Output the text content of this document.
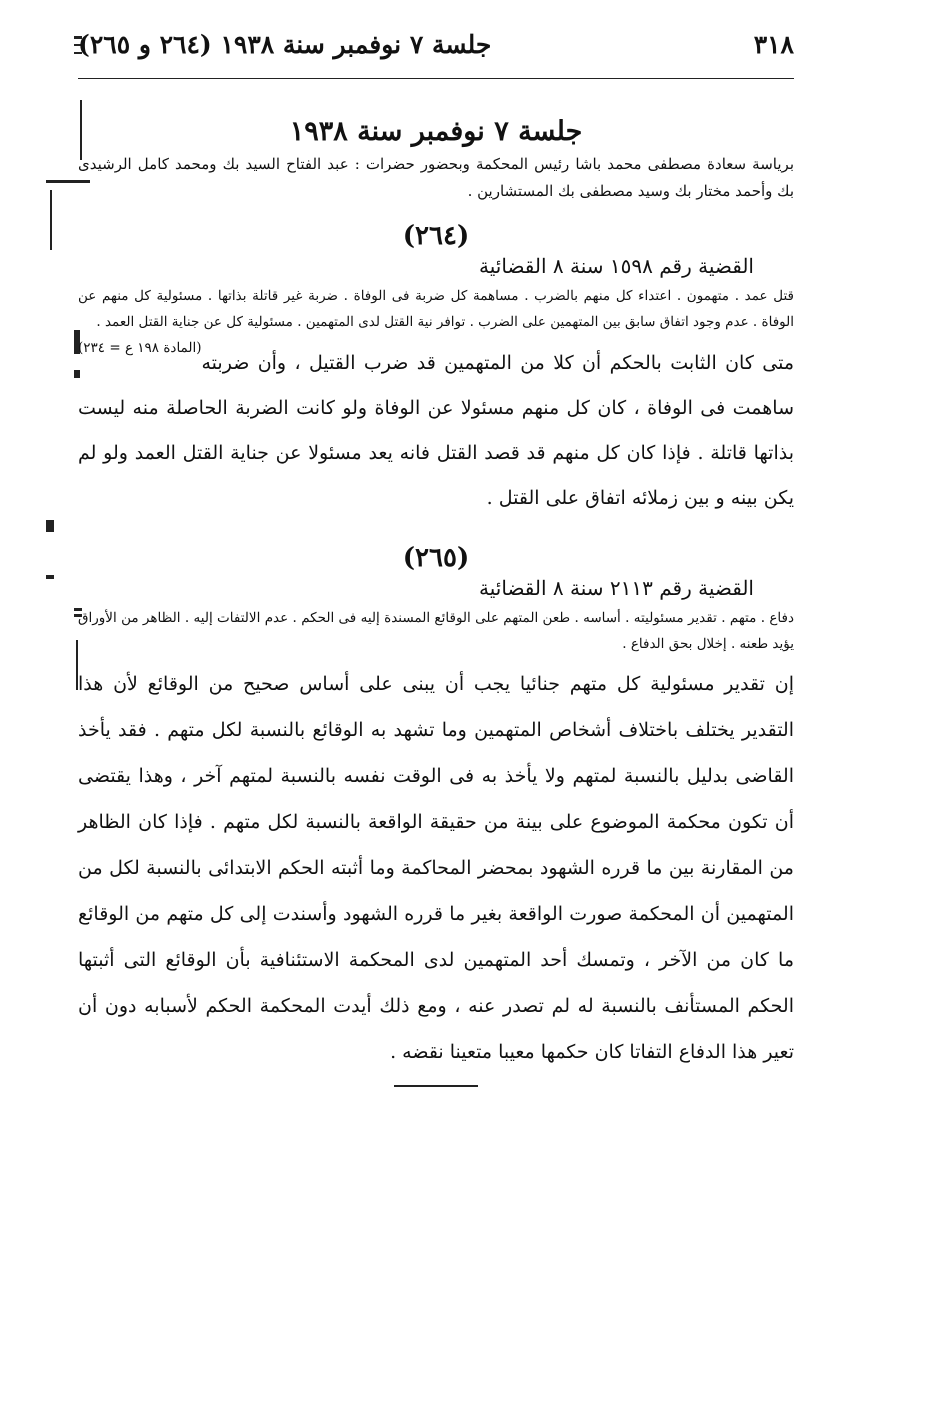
٣١٨
جلسة ٧ نوفمبر سنة ١٩٣٨ (٢٦٤ و ٢٦٥)
جلسة ٧ نوفمبر سنة ١٩٣٨
برياسة سعادة مصطفى محمد باشا رئيس المحكمة وبحضور حضرات : عبد الفتاح السيد بك ومحمد كامل الرشيدى بك وأحمد مختار بك وسيد مصطفى بك المستشارين .
(٢٦٤)
القضية رقم ١٥٩٨ سنة ٨ القضائية
قتل عمد . متهمون . اعتداء كل منهم بالضرب . مساهمة كل ضربة فى الوفاة . ضربة غير قاتلة بذاتها . مسئولية كل منهم عن الوفاة . عدم وجود اتفاق سابق بين المتهمين على الضرب . توافر نية القتل لدى المتهمين . مسئولية كل عن جناية القتل العمد .
(المادة ١٩٨ ع = ٢٣٤)
متى كان الثابت بالحكم أن كلا من المتهمين قد ضرب القتيل ، وأن ضربته ساهمت فى الوفاة ، كان كل منهم مسئولا عن الوفاة ولو كانت الضربة الحاصلة منه ليست بذاتها قاتلة . فإذا كان كل منهم قد قصد القتل فانه يعد مسئولا عن جناية القتل العمد ولو لم يكن بينه و بين زملائه اتفاق على القتل .
(٢٦٥)
القضية رقم ٢١١٣ سنة ٨ القضائية
دفاع . متهم . تقدير مسئوليته . أساسه . طعن المتهم على الوقائع المسندة إليه فى الحكم . عدم الالتفات إليه . الظاهر من الأوراق يؤيد طعنه . إخلال بحق الدفاع .
إن تقدير مسئولية كل متهم جنائيا يجب أن يبنى على أساس صحيح من الوقائع لأن هذا التقدير يختلف باختلاف أشخاص المتهمين وما تشهد به الوقائع بالنسبة لكل متهم . فقد يأخذ القاضى بدليل بالنسبة لمتهم ولا يأخذ به فى الوقت نفسه بالنسبة لمتهم آخر ، وهذا يقتضى أن تكون محكمة الموضوع على بينة من حقيقة الواقعة بالنسبة لكل متهم . فإذا كان الظاهر من المقارنة بين ما قرره الشهود بمحضر المحاكمة وما أثبته الحكم الابتدائى بالنسبة لكل من المتهمين أن المحكمة صورت الواقعة بغير ما قرره الشهود وأسندت إلى كل متهم من الوقائع ما كان من الآخر ، وتمسك أحد المتهمين لدى المحكمة الاستئنافية بأن الوقائع التى أثبتها الحكم المستأنف بالنسبة له لم تصدر عنه ، ومع ذلك أيدت المحكمة الحكم لأسبابه دون أن تعير هذا الدفاع التفاتا كان حكمها معيبا متعينا نقضه .
